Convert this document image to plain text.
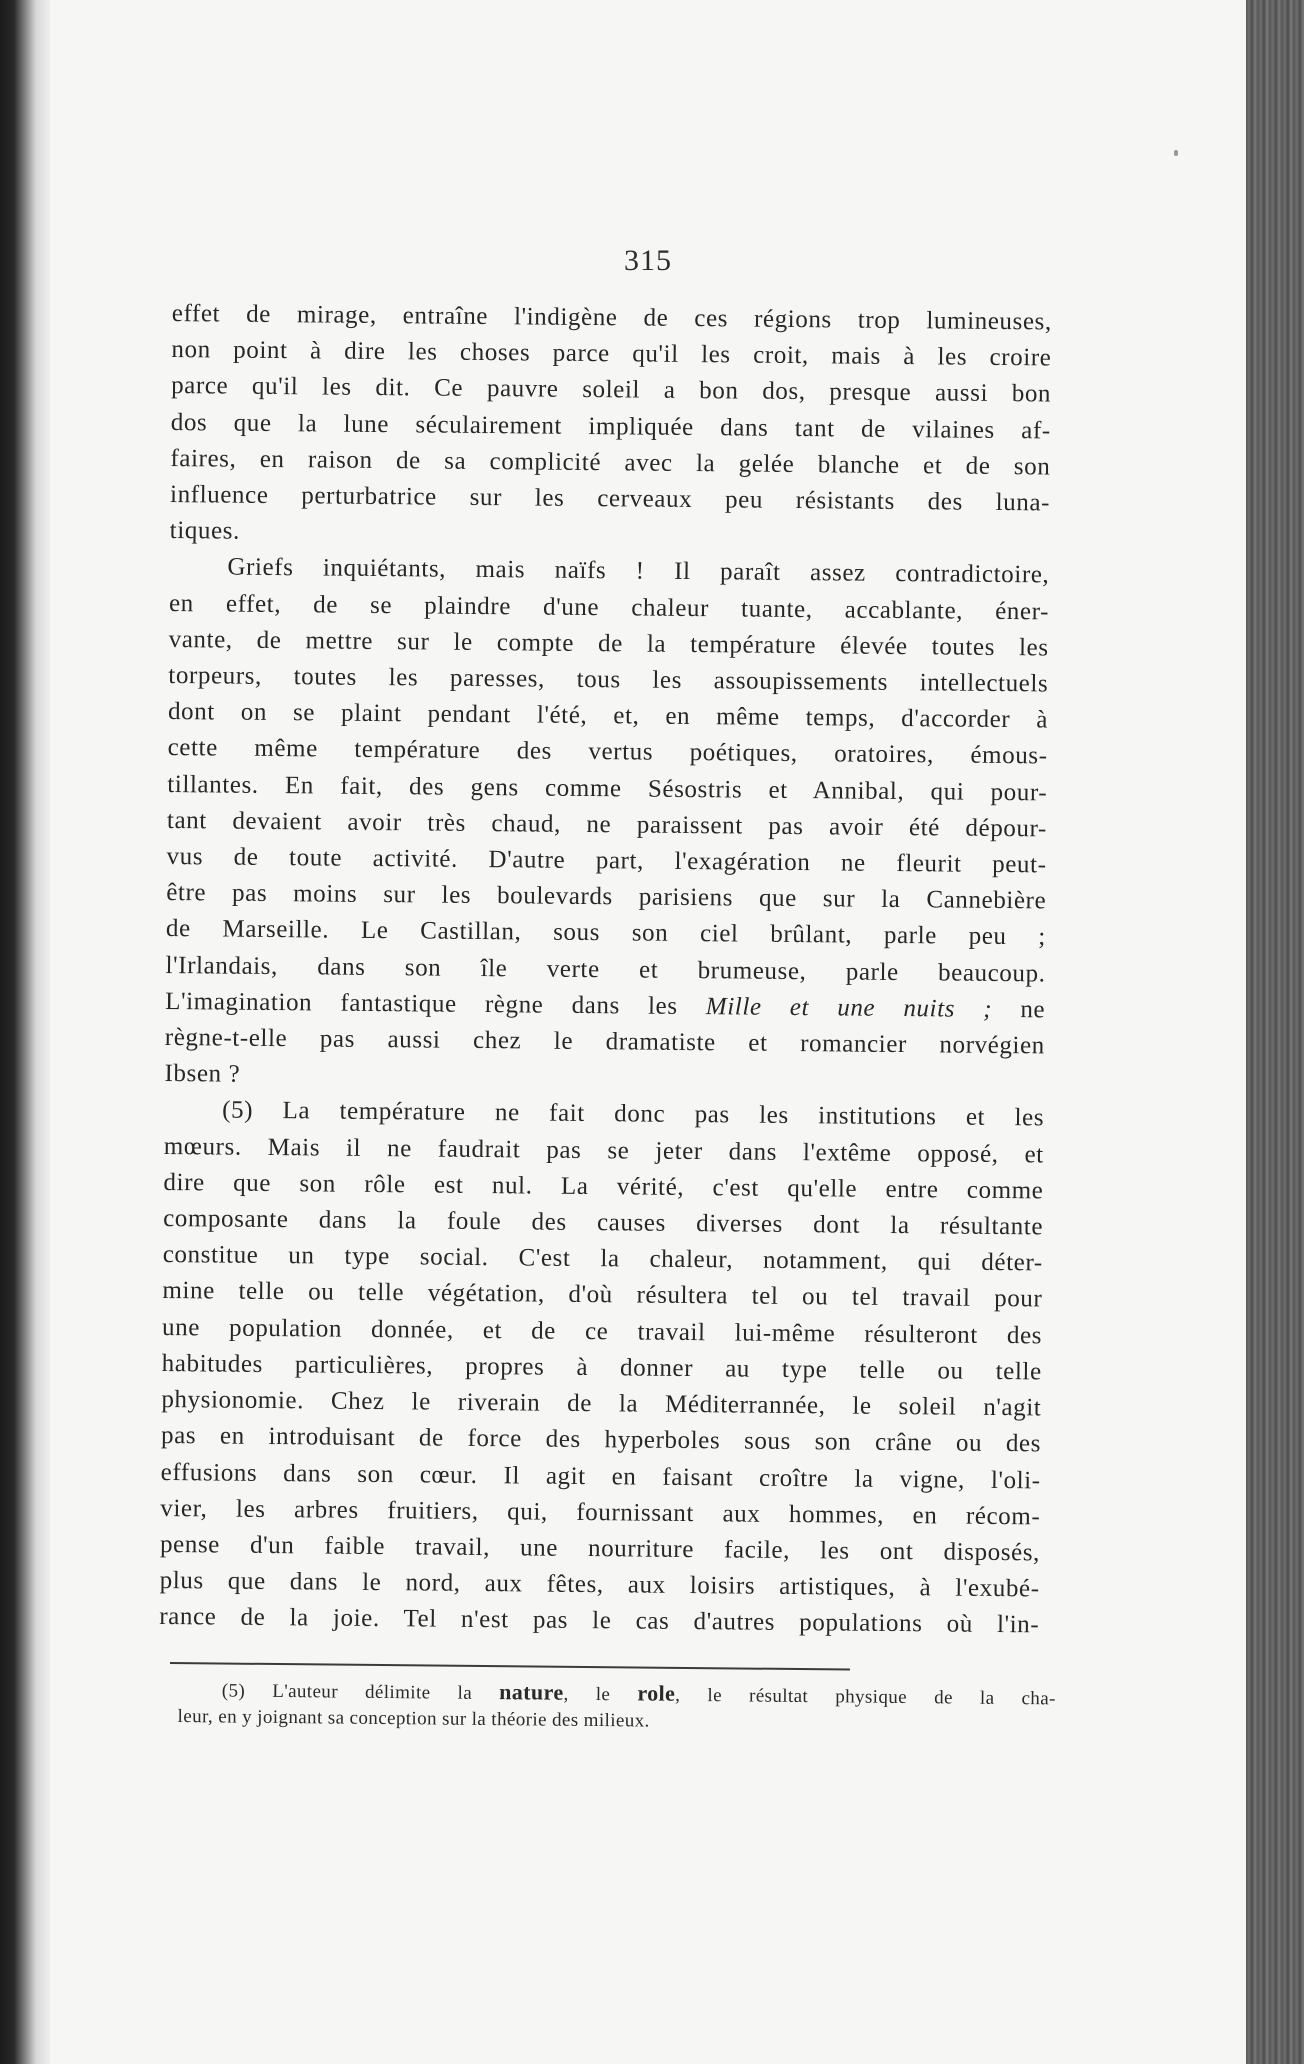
315

effet de mirage, entraîne l'indigène de ces régions trop lumineuses,
non point à dire les choses parce qu'il les croit, mais à les croire
parce qu'il les dit. Ce pauvre soleil a bon dos, presque aussi bon
dos que la lune séculairement impliquée dans tant de vilaines af-
faires, en raison de sa complicité avec la gelée blanche et de son
influence perturbatrice sur les cerveaux peu résistants des luna-
tiques.

Griefs inquiétants, mais naïfs ! Il paraît assez contradictoire,
en effet, de se plaindre d'une chaleur tuante, accablante, éner-
vante, de mettre sur le compte de la température élevée toutes les
torpeurs, toutes les paresses, tous les assoupissements intellectuels
dont on se plaint pendant l'été, et, en même temps, d'accorder à
cette même température des vertus poétiques, oratoires, émous-
tillantes. En fait, des gens comme Sésostris et Annibal, qui pour-
tant devaient avoir très chaud, ne paraissent pas avoir été dépour-
vus de toute activité. D'autre part, l'exagération ne fleurit peut-
être pas moins sur les boulevards parisiens que sur la Cannebière
de Marseille. Le Castillan, sous son ciel brûlant, parle peu ;
l'Irlandais, dans son île verte et brumeuse, parle beaucoup.
L'imagination fantastique règne dans les Mille et une nuits ; ne
règne-t-elle pas aussi chez le dramatiste et romancier norvégien
Ibsen ?

(5) La température ne fait donc pas les institutions et les
mœurs. Mais il ne faudrait pas se jeter dans l'extême opposé, et
dire que son rôle est nul. La vérité, c'est qu'elle entre comme
composante dans la foule des causes diverses dont la résultante
constitue un type social. C'est la chaleur, notamment, qui déter-
mine telle ou telle végétation, d'où résultera tel ou tel travail pour
une population donnée, et de ce travail lui-même résulteront des
habitudes particulières, propres à donner au type telle ou telle
physionomie. Chez le riverain de la Méditerrannée, le soleil n'agit
pas en introduisant de force des hyperboles sous son crâne ou des
effusions dans son cœur. Il agit en faisant croître la vigne, l'oli-
vier, les arbres fruitiers, qui, fournissant aux hommes, en récom-
pense d'un faible travail, une nourriture facile, les ont disposés,
plus que dans le nord, aux fêtes, aux loisirs artistiques, à l'exubé-
rance de la joie. Tel n'est pas le cas d'autres populations où l'in-

(5) L'auteur délimite la nature, le role, le résultat physique de la cha-
leur, en y joignant sa conception sur la théorie des milieux.
